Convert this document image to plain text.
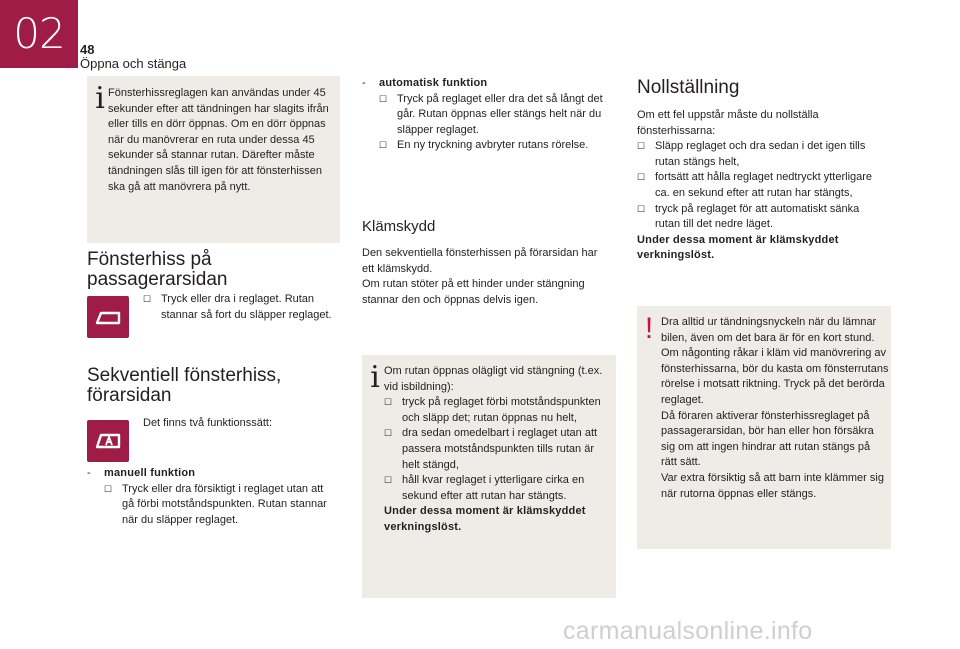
02	48
Öppna och stänga
i Fönsterhissreglagen kan användas under 45 sekunder efter att tändningen har slagits ifrån eller tills en dörr öppnas. Om en dörr öppnas när du manövrerar en ruta under dessa 45 sekunder så stannar rutan. Därefter måste tändningen slås till igen för att fönsterhissen ska gå att manövrera på nytt.

Fönsterhiss på
passagerarsidan
☐ Tryck eller dra i reglaget. Rutan stannar så fort du släpper reglaget.
Sekventiell fönsterhiss,
förarsidan

Det finns två funktionssätt:

- manuell funktion
☐ Tryck eller dra försiktigt i reglaget utan att gå förbi motståndspunkten. Rutan stannar när du släpper reglaget.
- automatisk funktion
☐ Tryck på reglaget eller dra det så långt det går. Rutan öppnas eller stängs helt när du släpper reglaget.
☐ En ny tryckning avbryter rutans rörelse.
Klämskydd

Den sekventiella fönsterhissen på förarsidan har ett klämskydd.

Om rutan stöter på ett hinder under stängning stannar den och öppnas delvis igen.

i Om rutan öppnas olägligt vid stängning (t.ex. vid isbildning):

☐ tryck på reglaget förbi motståndspunkten och släpp det; rutan öppnas nu helt,
☐ dra sedan omedelbart i reglaget utan att passera motståndspunkten tills rutan är helt stängd,
☐ håll kvar reglaget i ytterligare cirka en sekund efter att rutan har stängts.

Under dessa moment är klämskyddet verkningslöst.

Nollställning

Om ett fel uppstår måste du nollställa fönsterhissarna:

☐ Släpp reglaget och dra sedan i det igen tills rutan stängs helt,
☐ fortsätt att hålla reglaget nedtryckt ytterligare ca. en sekund efter att rutan har stängts,
☐ tryck på reglaget för att automatiskt sänka rutan till det nedre läget.

Under dessa moment är klämskyddet verkningslöst.

! Dra alltid ur tändningsnyckeln när du lämnar bilen, även om det bara är för en kort stund.

Om någonting råkar i kläm vid manövrering av fönsterhissarna, bör du kasta om fönsterrutans rörelse i motsatt riktning. Tryck på det berörda reglaget.

Då föraren aktiverar fönsterhissreglaget på passagerarsidan, bör han eller hon försäkra sig om att ingen hindrar att rutan stängs på rätt sätt.

Var extra försiktig så att barn inte klämmer sig när rutorna öppnas eller stängs.

carmanualsonline.info
